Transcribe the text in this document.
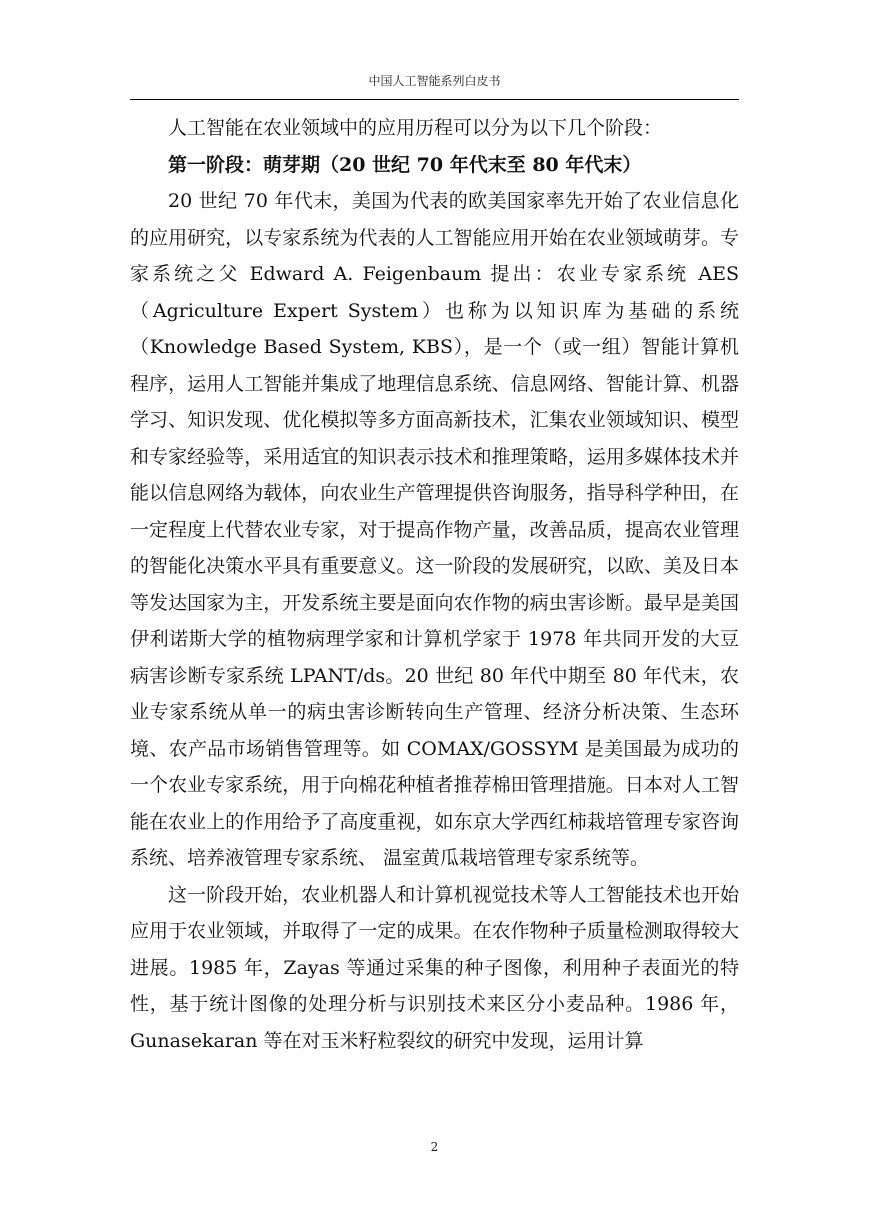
中国人工智能系列白皮书

人工智能在农业领域中的应用历程可以分为以下几个阶段：

第一阶段：萌芽期（20 世纪 70 年代末至 80 年代末）

20 世纪 70 年代末，美国为代表的欧美国家率先开始了农业信息化的应用研究，以专家系统为代表的人工智能应用开始在农业领域萌芽。专家系统之父 Edward A. Feigenbaum 提出：农业专家系统 AES（Agriculture Expert System）也称为以知识库为基础的系统（Knowledge Based System, KBS），是一个（或一组）智能计算机程序，运用人工智能并集成了地理信息系统、信息网络、智能计算、机器学习、知识发现、优化模拟等多方面高新技术，汇集农业领域知识、模型和专家经验等，采用适宜的知识表示技术和推理策略，运用多媒体技术并能以信息网络为载体，向农业生产管理提供咨询服务，指导科学种田，在一定程度上代替农业专家，对于提高作物产量，改善品质，提高农业管理的智能化决策水平具有重要意义。这一阶段的发展研究，以欧、美及日本等发达国家为主，开发系统主要是面向农作物的病虫害诊断。最早是美国伊利诺斯大学的植物病理学家和计算机学家于 1978 年共同开发的大豆病害诊断专家系统 LPANT/ds。20 世纪 80 年代中期至 80 年代末，农业专家系统从单一的病虫害诊断转向生产管理、经济分析决策、生态环境、农产品市场销售管理等。如 COMAX/GOSSYM 是美国最为成功的一个农业专家系统，用于向棉花种植者推荐棉田管理措施。日本对人工智能在农业上的作用给予了高度重视，如东京大学西红柿栽培管理专家咨询系统、培养液管理专家系统、 温室黄瓜栽培管理专家系统等。

这一阶段开始，农业机器人和计算机视觉技术等人工智能技术也开始应用于农业领域，并取得了一定的成果。在农作物种子质量检测取得较大进展。1985 年，Zayas 等通过采集的种子图像，利用种子表面光的特性，基于统计图像的处理分析与识别技术来区分小麦品种。1986 年，Gunasekaran 等在对玉米籽粒裂纹的研究中发现，运用计算

2
